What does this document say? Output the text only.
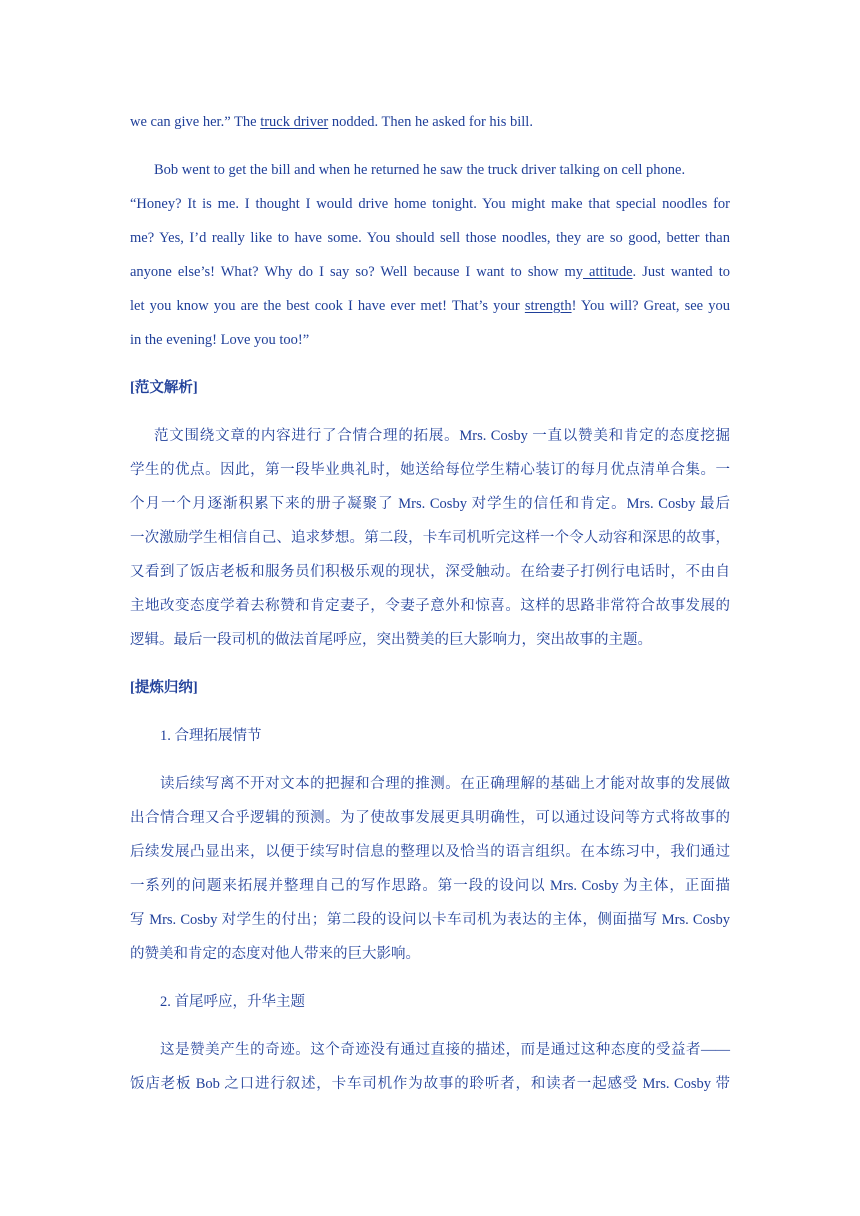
we can give her.” The truck driver nodded. Then he asked for his bill.
Bob went to get the bill and when he returned he saw the truck driver talking on cell phone.
“Honey? It is me. I thought I would drive home tonight. You might make that special noodles for
me? Yes, I’d really like to have some. You should sell those noodles, they are so good, better than
anyone else’s! What? Why do I say so? Well because I want to show my attitude. Just wanted to
let you know you are the best cook I have ever met! That’s your strength! You will? Great, see you
in the evening! Love you too!”
[范文解析]
范文围绕文章的内容进行了合情合理的拓展。Mrs. Cosby 一直以赞美和肯定的态度挖掘
学生的优点。因此，第一段毕业典礼时，她送给每位学生精心装订的每月优点清单合集。一
个月一个月逐渐积累下来的册子凝聚了 Mrs. Cosby 对学生的信任和肯定。Mrs. Cosby 最后
一次激励学生相信自己、追求梦想。第二段，卡车司机听完这样一个令人动容和深思的故事，
又看到了饭店老板和服务员们积极乐观的现状，深受触动。在给妻子打例行电话时，不由自
主地改变态度学着去称赞和肯定妻子，令妻子意外和惊喜。这样的思路非常符合故事发展的
逻辑。最后一段司机的做法首尾呼应，突出赞美的巨大影响力，突出故事的主题。
[提炼归纳]
1. 合理拓展情节
读后续写离不开对文本的把握和合理的推测。在正确理解的基础上才能对故事的发展做
出合情合理又合乎逻辑的预测。为了使故事发展更具明确性，可以通过设问等方式将故事的
后续发展凸显出来，以便于续写时信息的整理以及恰当的语言组织。在本练习中，我们通过
一系列的问题来拓展并整理自己的写作思路。第一段的设问以 Mrs. Cosby 为主体，正面描
写 Mrs. Cosby 对学生的付出；第二段的设问以卡车司机为表达的主体，侧面描写 Mrs. Cosby
的赞美和肯定的态度对他人带来的巨大影响。
2. 首尾呼应，升华主题
这是赞美产生的奇迹。这个奇迹没有通过直接的描述，而是通过这种态度的受益者——
饭店老板 Bob 之口进行叙述，卡车司机作为故事的聆听者，和读者一起感受 Mrs. Cosby 带
